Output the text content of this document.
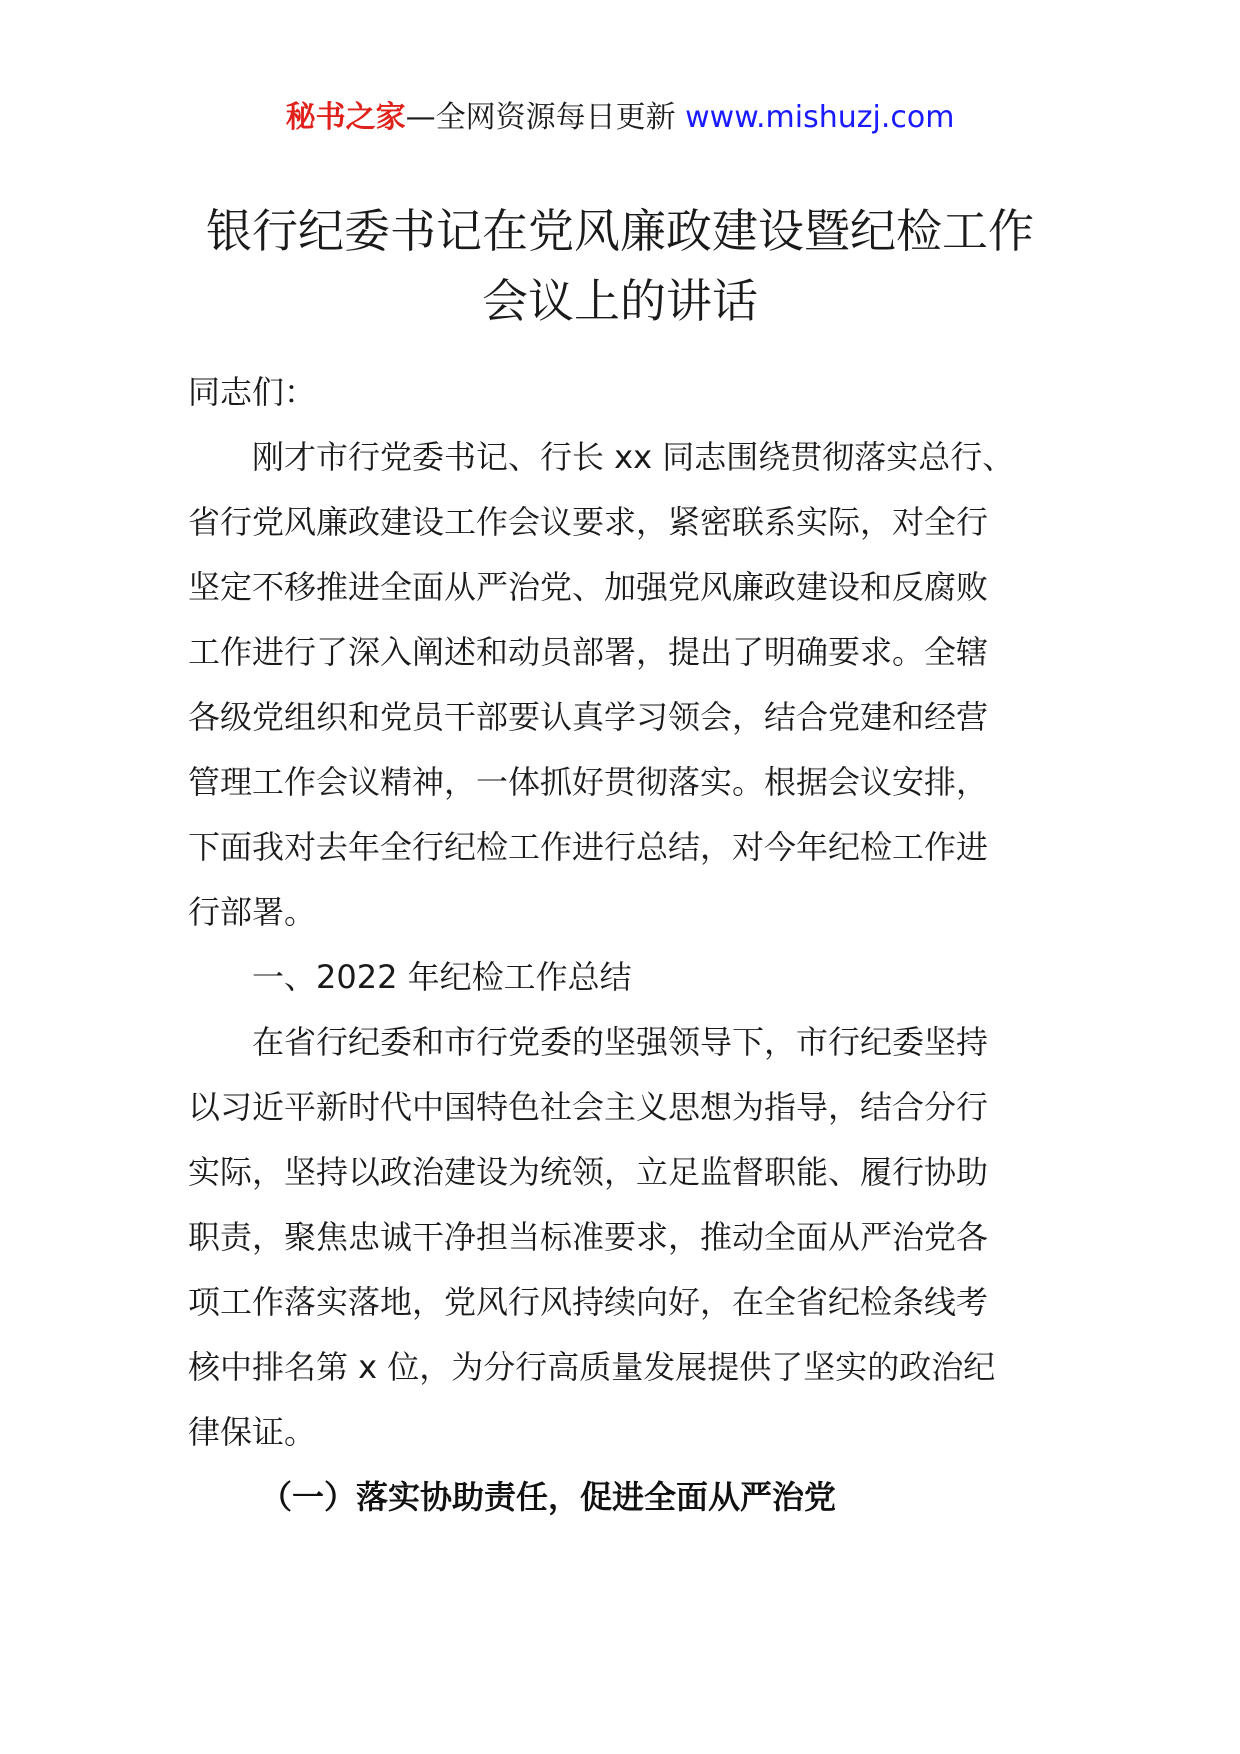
秘书之家—全网资源每日更新 www.mishuzj.com
银行纪委书记在党风廉政建设暨纪检工作
会议上的讲话
同志们：
刚才市行党委书记、行长 xx 同志围绕贯彻落实总行、
省行党风廉政建设工作会议要求，紧密联系实际，对全行
坚定不移推进全面从严治党、加强党风廉政建设和反腐败
工作进行了深入阐述和动员部署，提出了明确要求。全辖
各级党组织和党员干部要认真学习领会，结合党建和经营
管理工作会议精神，一体抓好贯彻落实。根据会议安排，
下面我对去年全行纪检工作进行总结，对今年纪检工作进
行部署。
一、2022 年纪检工作总结
在省行纪委和市行党委的坚强领导下，市行纪委坚持
以习近平新时代中国特色社会主义思想为指导，结合分行
实际，坚持以政治建设为统领，立足监督职能、履行协助
职责，聚焦忠诚干净担当标准要求，推动全面从严治党各
项工作落实落地，党风行风持续向好，在全省纪检条线考
核中排名第 x 位，为分行高质量发展提供了坚实的政治纪
律保证。
（一）落实协助责任，促进全面从严治党
